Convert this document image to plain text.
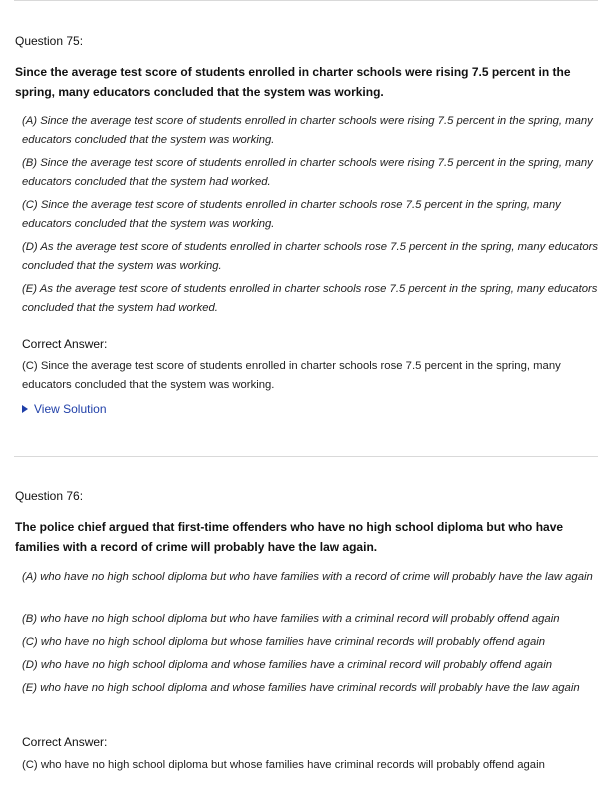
Question 75:
Since the average test score of students enrolled in charter schools were rising 7.5 percent in the spring, many educators concluded that the system was working.
(A) Since the average test score of students enrolled in charter schools were rising 7.5 percent in the spring, many educators concluded that the system was working.
(B) Since the average test score of students enrolled in charter schools were rising 7.5 percent in the spring, many educators concluded that the system had worked.
(C) Since the average test score of students enrolled in charter schools rose 7.5 percent in the spring, many educators concluded that the system was working.
(D) As the average test score of students enrolled in charter schools rose 7.5 percent in the spring, many educators concluded that the system was working.
(E) As the average test score of students enrolled in charter schools rose 7.5 percent in the spring, many educators concluded that the system had worked.
Correct Answer:
(C) Since the average test score of students enrolled in charter schools rose 7.5 percent in the spring, many educators concluded that the system was working.
View Solution
Question 76:
The police chief argued that first-time offenders who have no high school diploma but who have families with a record of crime will probably have the law again.
(A) who have no high school diploma but who have families with a record of crime will probably have the law again
(B) who have no high school diploma but who have families with a criminal record will probably offend again
(C) who have no high school diploma but whose families have criminal records will probably offend again
(D) who have no high school diploma and whose families have a criminal record will probably offend again
(E) who have no high school diploma and whose families have criminal records will probably have the law again
Correct Answer:
(C) who have no high school diploma but whose families have criminal records will probably offend again
